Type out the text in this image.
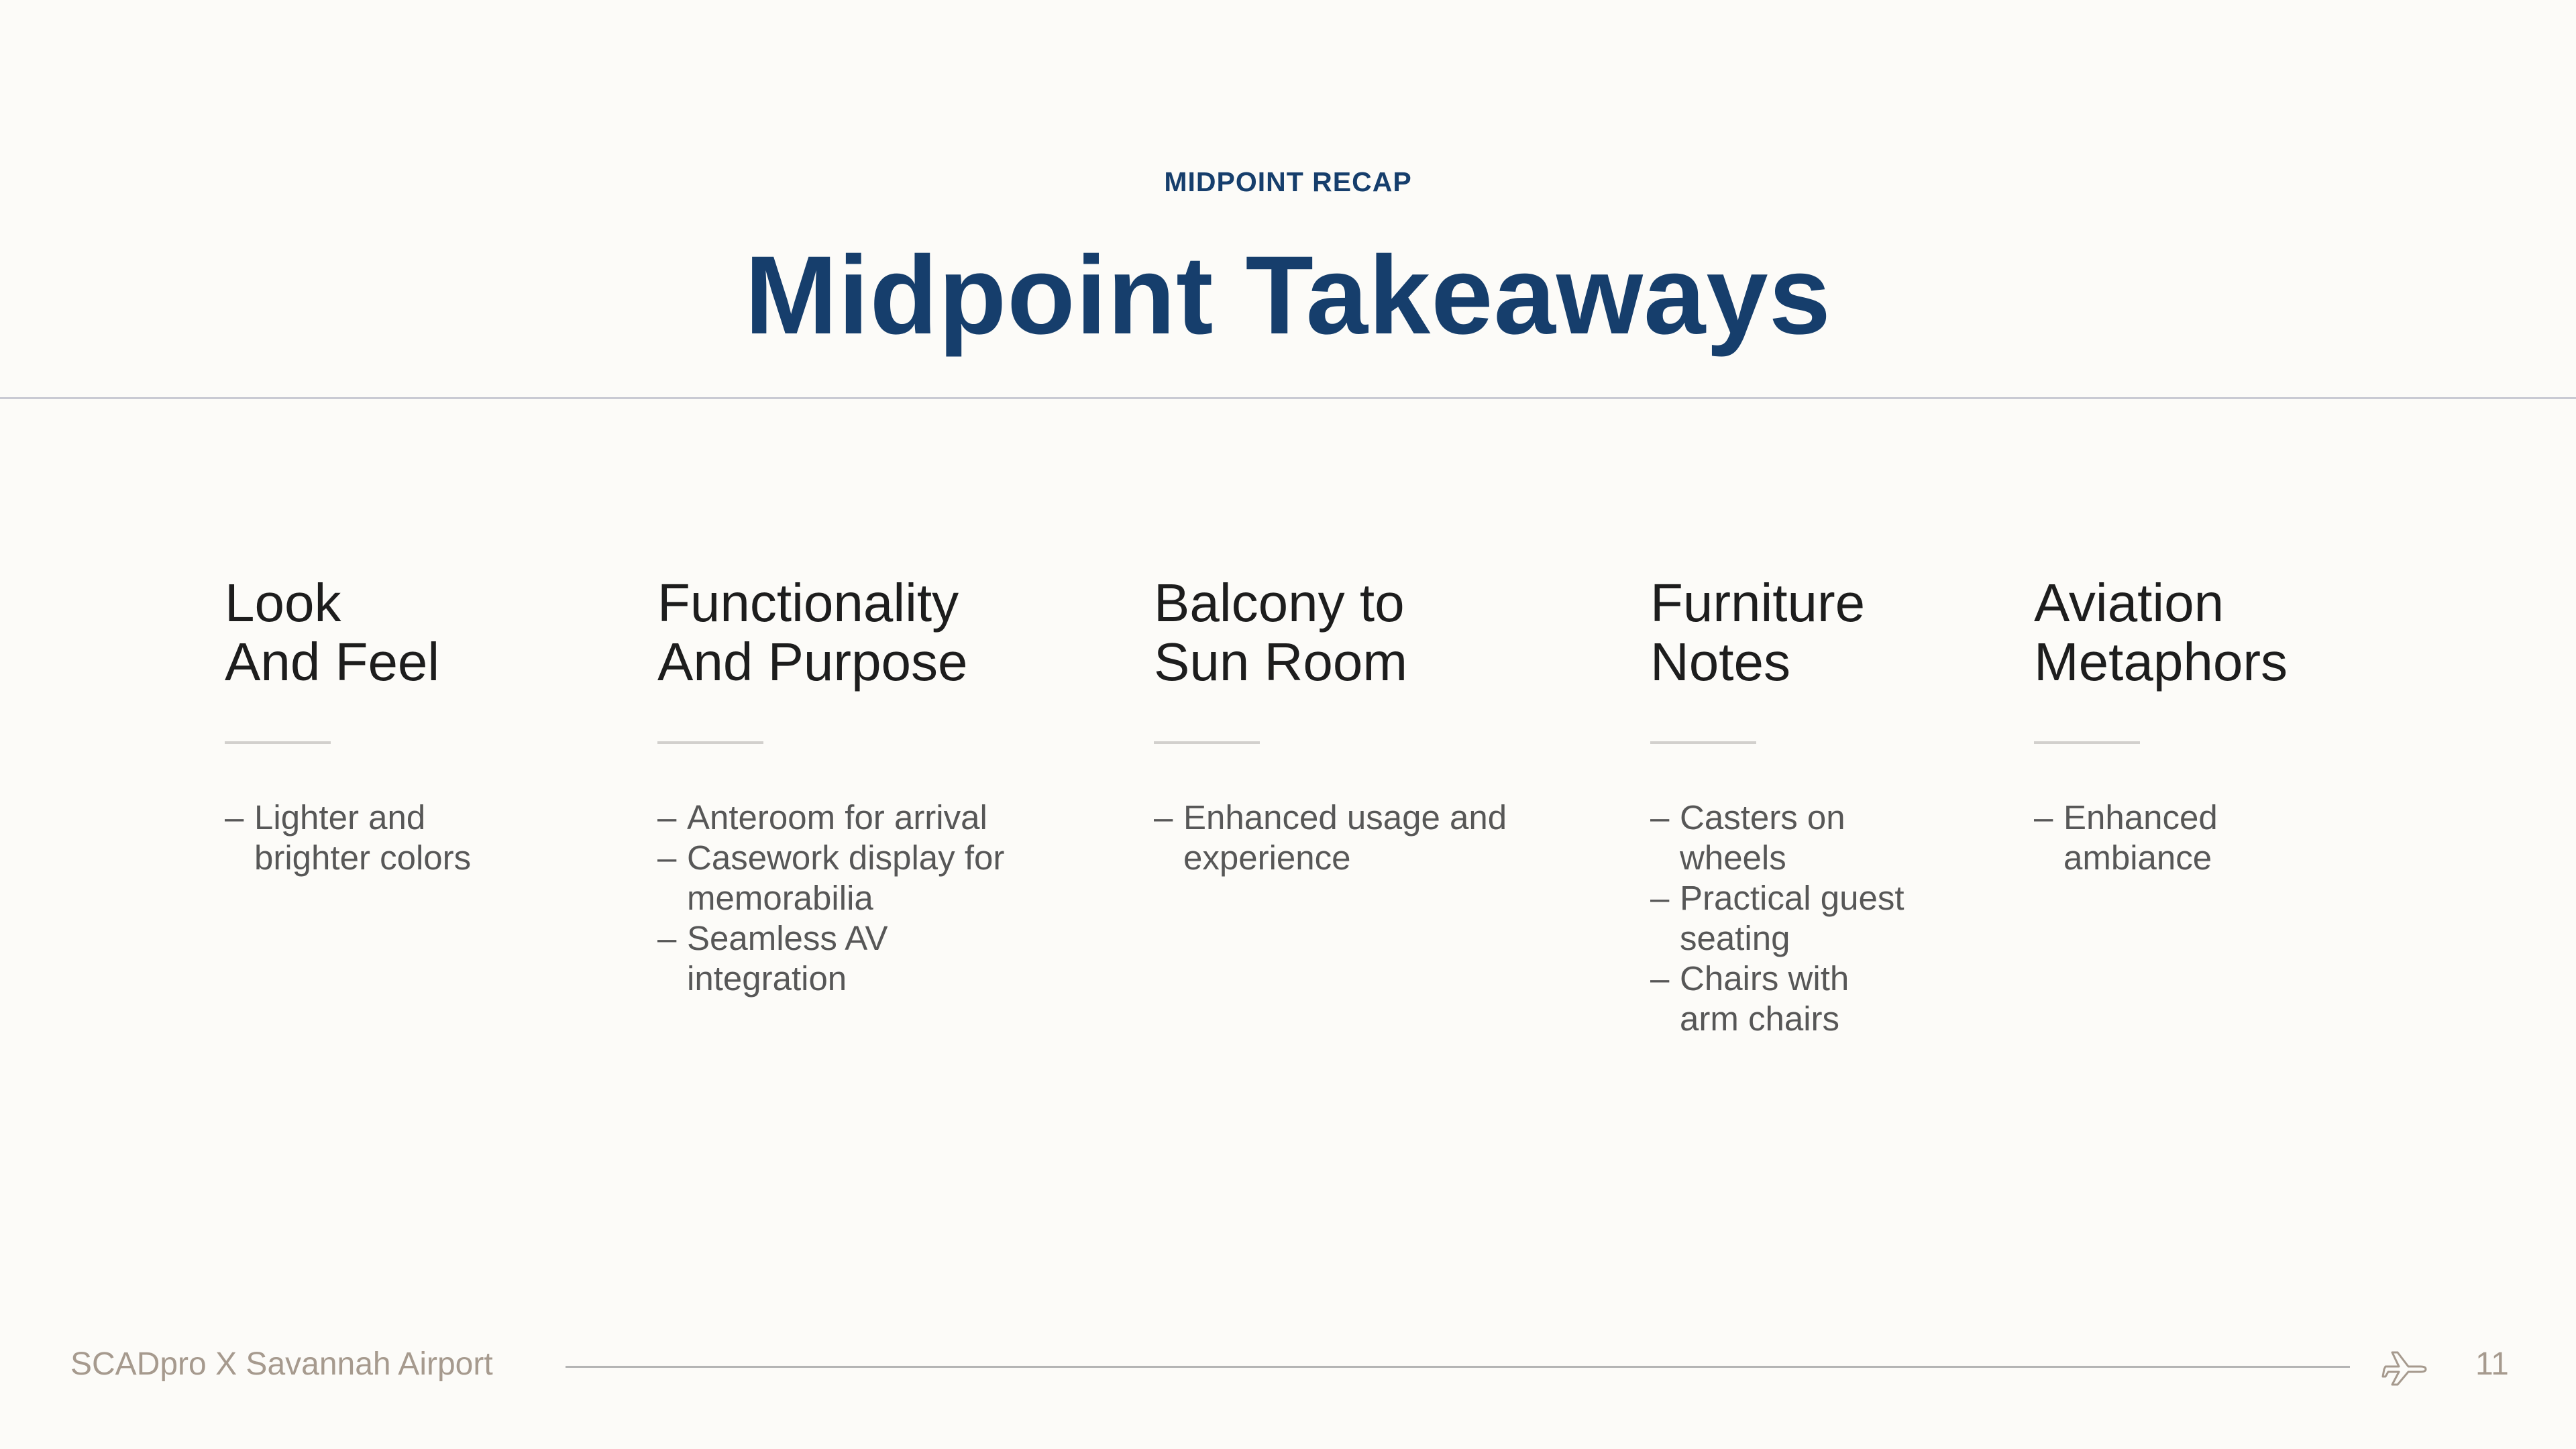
MIDPOINT RECAP
Midpoint Takeaways
Look
And Feel
– Lighter and
brighter colors
Functionality
And Purpose
– Anteroom for arrival
– Casework display for
memorabilia
– Seamless AV
integration
Balcony to
Sun Room
– Enhanced usage and
experience
Furniture
Notes
– Casters on
wheels
– Practical guest
seating
– Chairs with
arm chairs
Aviation
Metaphors
– Enhanced
ambiance
SCADpro X Savannah Airport	11
